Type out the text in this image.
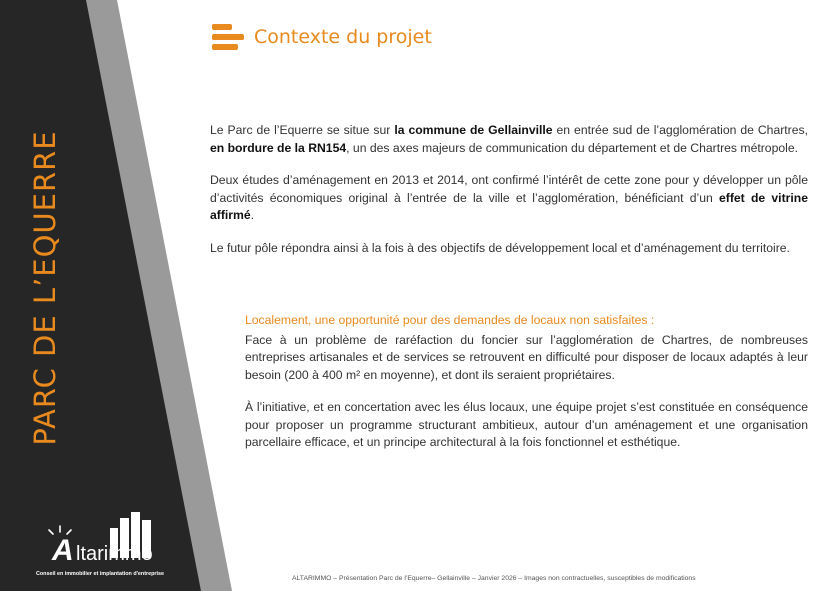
PARC DE L’EQUERRE
Contexte du projet

Le Parc de l’Equerre se situe sur la commune de Gellainville en entrée sud de l’agglomération de Chartres, en bordure de la RN154, un des axes majeurs de communication du département et de Chartres métropole.

Deux études d’aménagement en 2013 et 2014, ont confirmé l’intérêt de cette zone pour y développer un pôle d’activités économiques original à l’entrée de la ville et l’agglomération, bénéficiant d’un effet de vitrine affirmé.

Le futur pôle répondra ainsi à la fois à des objectifs de développement local et d’aménagement du territoire.

Localement, une opportunité pour des demandes de locaux non satisfaites :

Face à un problème de raréfaction du foncier sur l’agglomération de Chartres, de nombreuses entreprises artisanales et de services se retrouvent en difficulté pour disposer de locaux adaptés à leur besoin (200 à 400 m² en moyenne), et dont ils seraient propriétaires.

À l’initiative, et en concertation avec les élus locaux, une équipe projet s’est constituée en conséquence pour proposer un programme structurant ambitieux, autour d’un aménagement et une organisation parcellaire efficace, et un principe architectural à la fois fonctionnel et esthétique.

A ltarimmo
Conseil en immobilier et implantation d'entreprise
ALTARIMMO – Présentation Parc de l’Equerre– Gellainville – Janvier 2026 – Images non contractuelles, susceptibles de modifications
